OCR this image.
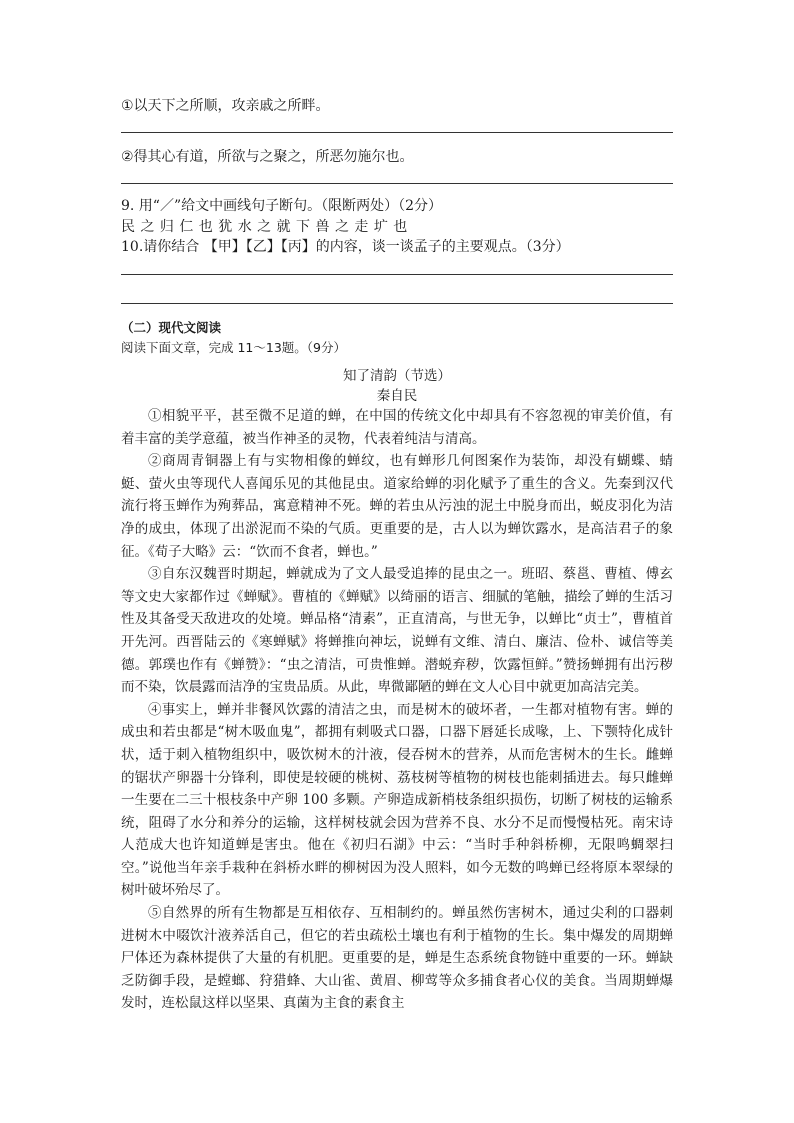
①以天下之所顺，攻亲戚之所畔。
②得其心有道，所欲与之聚之，所恶勿施尔也。
9. 用“／”给文中画线句子断句。（限断两处）（2分）
民 之 归 仁 也 犹 水 之 就 下 兽 之 走 圹 也
10.请你结合 【甲】【乙】【丙】的内容，谈一谈孟子的主要观点。（3分）
（二）现代文阅读
阅读下面文章，完成 11～13题。（9分）
知了清韵（节选）
秦自民

①相貌平平，甚至微不足道的蝉，在中国的传统文化中却具有不容忽视的审美价值，有着丰富的美学意蕴，被当作神圣的灵物，代表着纯洁与清高。

②商周青铜器上有与实物相像的蝉纹，也有蝉形几何图案作为装饰，却没有蝴蝶、蜻蜓、萤火虫等现代人喜闻乐见的其他昆虫。道家给蝉的羽化赋予了重生的含义。先秦到汉代流行将玉蝉作为殉葬品，寓意精神不死。蝉的若虫从污浊的泥土中脱身而出，蜕皮羽化为洁净的成虫，体现了出淤泥而不染的气质。更重要的是，古人以为蝉饮露水，是高洁君子的象征。《荀子大略》云：“饮而不食者，蝉也。”

③自东汉魏晋时期起，蝉就成为了文人最受追捧的昆虫之一。班昭、蔡邕、曹植、傅玄等文史大家都作过《蝉赋》。曹植的《蝉赋》以绮丽的语言、细腻的笔触，描绘了蝉的生活习性及其备受天敌进攻的处境。蝉品格“清素”，正直清高，与世无争，以蝉比“贞士”，曹植首开先河。西晋陆云的《寒蝉赋》将蝉推向神坛，说蝉有文维、清白、廉洁、俭朴、诚信等美德。郭璞也作有《蝉赞》：“虫之清洁，可贵惟蝉。潜蜕弃秽，饮露恒鲜。”赞扬蝉拥有出污秽而不染，饮晨露而洁净的宝贵品质。从此，卑微鄙陋的蝉在文人心目中就更加高洁完美。

④事实上，蝉并非餐风饮露的清洁之虫，而是树木的破坏者，一生都对植物有害。蝉的成虫和若虫都是“树木吸血鬼”，都拥有刺吸式口器，口器下唇延长成喙，上、下颚特化成针状，适于刺入植物组织中，吸饮树木的汁液，侵吞树木的营养，从而危害树木的生长。雌蝉的锯状产卵器十分锋利，即使是较硬的桃树、荔枝树等植物的树枝也能刺插进去。每只雌蝉一生要在二三十根枝条中产卵 100 多颗。产卵造成新梢枝条组织损伤，切断了树枝的运输系统，阻碍了水分和养分的运输，这样树枝就会因为营养不良、水分不足而慢慢枯死。南宋诗人范成大也许知道蝉是害虫。他在《初归石湖》中云：“当时手种斜桥柳，无限鸣蜩翠扫空。”说他当年亲手栽种在斜桥水畔的柳树因为没人照料，如今无数的鸣蝉已经将原本翠绿的树叶破坏殆尽了。

⑤自然界的所有生物都是互相依存、互相制约的。蝉虽然伤害树木，通过尖利的口器刺进树木中啜饮汁液养活自己，但它的若虫疏松土壤也有利于植物的生长。集中爆发的周期蝉尸体还为森林提供了大量的有机肥。更重要的是，蝉是生态系统食物链中重要的一环。蝉缺乏防御手段，是螳螂、狩猎蜂、大山雀、黄眉、柳莺等众多捕食者心仪的美食。当周期蝉爆发时，连松鼠这样以坚果、真菌为主食的素食主
